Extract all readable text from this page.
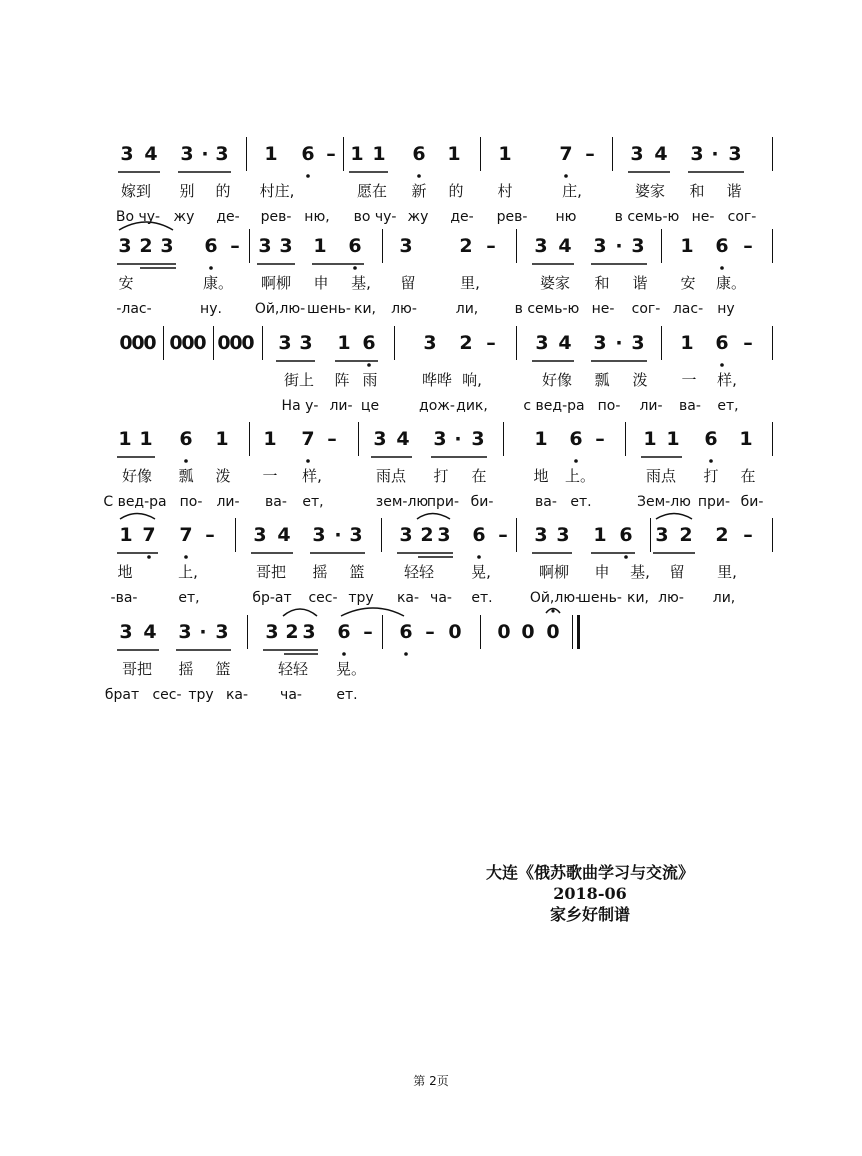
3 4 3 · 3 1 6 – 1 1 6 1 1	7 – 3 4 3 · 3
嫁到	别	的	村庄,	愿在	新	的	村	庄,	婆家	和	谐
Во чу- жу	де-	рев- ню,	во чу- жу	де-	рев-	ню	в семь-ю не- сог-
3 2 3 6 – 3 3 1 6 3 2 – 3 4 3 · 3 1 6 –
安	康。	啊柳	申	基,	留	里,	婆家	和	谐	安	康。
-лас-	ну.	Ой,лю- шень- ки,	лю-	ли,	в семь-ю не-	сог- лас-	ну
0
0
0 0
0
0 0
0
0 3 3 1 6	3 2 – 3 4 3 · 3 1 6 –
街上	阵 雨	哗哗 响,	好像	瓢	泼	一	样,
На у- ли- це	дож- дик,	с вед-ра по-	ли-	ва-	ет,
1 1 6 1 1 7 – 3 4 3 · 3	1 6 – 1 1 6 1
好像	瓢	泼	一	样,	雨点	打	在	地	上。	雨点	打	在
С вед-ра по-	ли-	ва-	ет,	зем-лю
при- би-	ва- ет.	Зем-лю при- би-
1 7 7 – 3 4 3 · 3 3 2 3 6 – 3 3 1 6 3 2 2 –
地	上,	哥把	摇	篮	轻轻	晃,	啊柳	申	基,	留	里,
-ва-	ет,	бр-ат	сес- тру	ка- ча-	ет.	Ой,лю-
шень- ки, лю-	ли,
3 4 3 · 3 3 2 3 6 – 6 – 0 0 0 0
哥把	摇	篮	轻轻	晃。
брат сес- тру ка-	ча-	ет.
大连《俄苏歌曲学习与交流》
2018-06
家乡好制谱
第 2页
